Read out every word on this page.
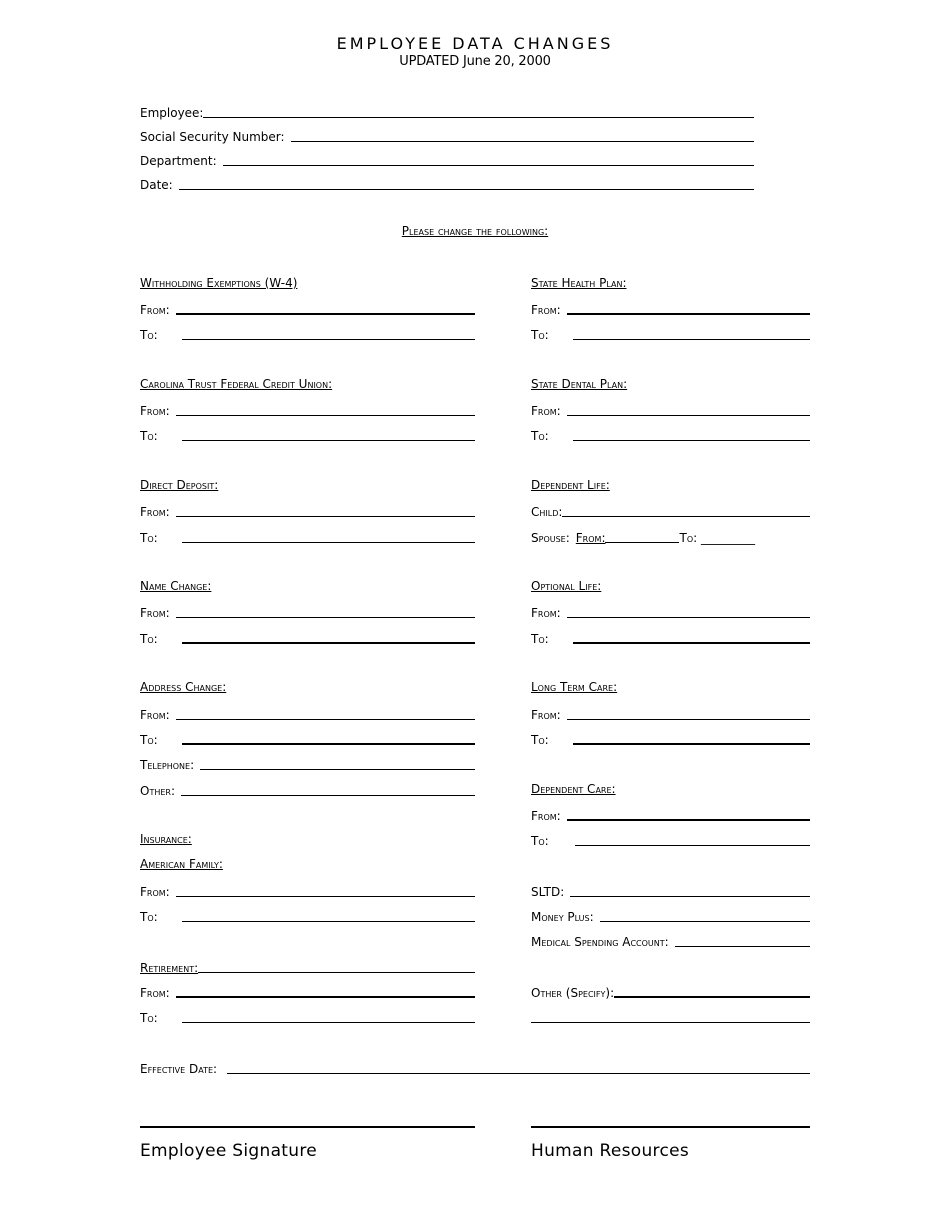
EMPLOYEE DATA CHANGES
UPDATED June 20, 2000
Employee:
Social Security Number:
Department:
Date:
Please change the following:
Withholding Exemptions (W-4)
From:
To:
Carolina Trust Federal Credit Union:
From:
To:
Direct Deposit:
From:
To:
Name Change:
From:
To:
Address Change:
From:
To:
Telephone:
Other:
Insurance:
American Family:
From:
To:
Retirement:
From:
To:
State Health Plan:
From:
To:
State Dental Plan:
From:
To:
Dependent Life:
Child:
Spouse: From:	To: _________
Optional Life:
From:
To:
Long Term Care:
From:
To:
Dependent Care:
From:
To:
SLTD:
Money Plus:
Medical Spending Account:
Other (Specify):
Effective Date:
Employee Signature	Human Resources
